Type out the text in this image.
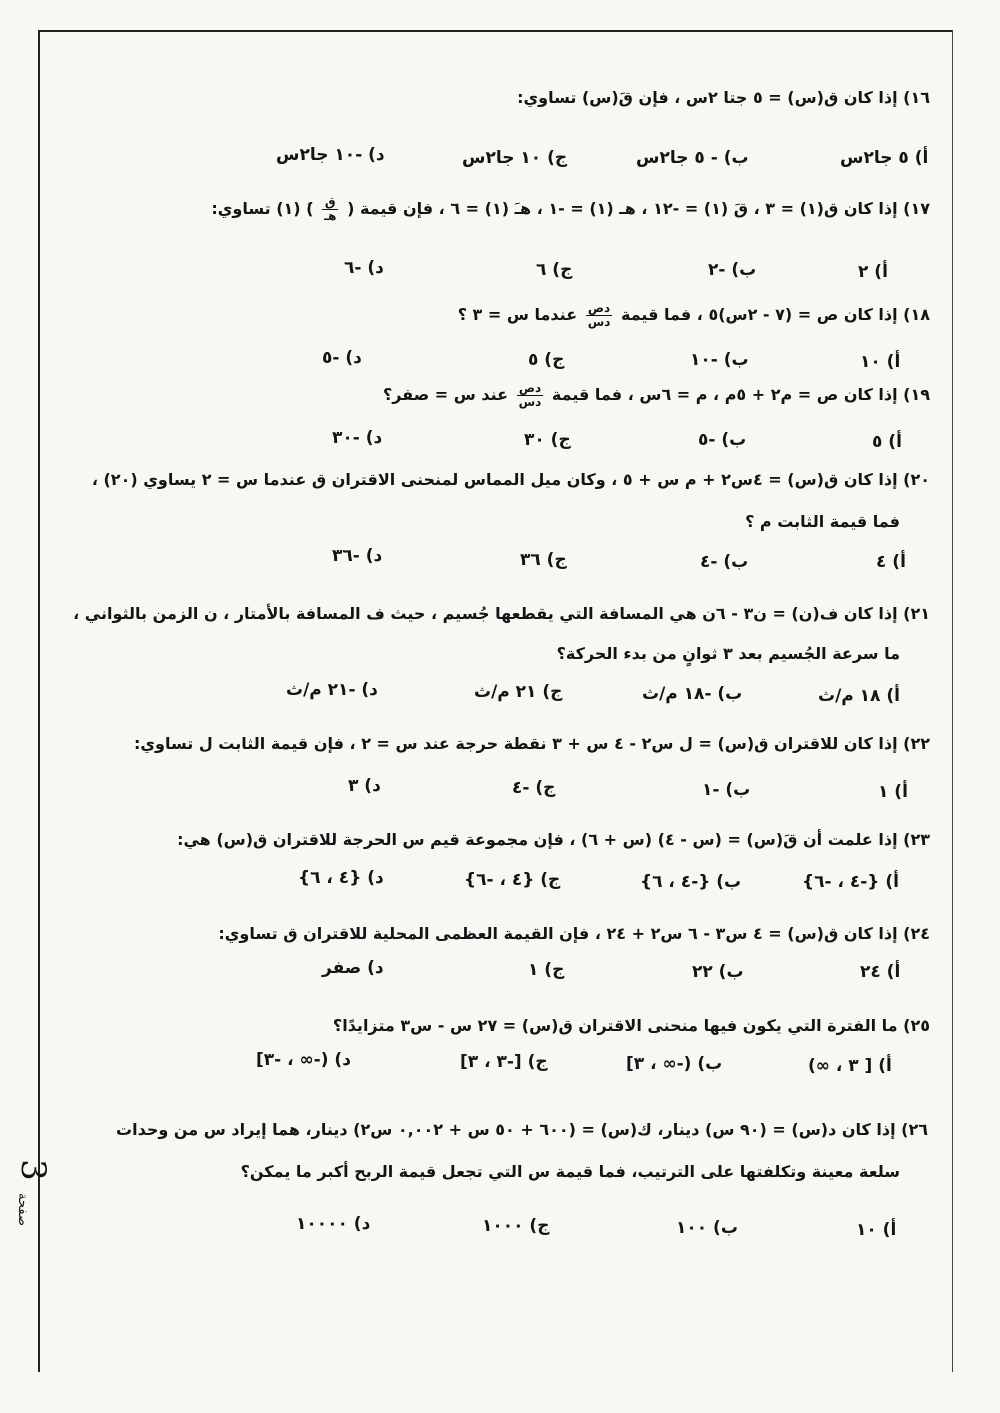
3
صفحة
١٦) إذا كان ق(س) = ٥ جتا ٢س ، فإن قَ(س) تساوي:
أ) ٥ جا٢س
ب) - ٥ جا٢س
ج) ١٠ جا٢س
د) -١٠ جا٢س
١٧) إذا كان ق(١) = ٣ ، قَ (١) = -١٢ ، هـ (١) = -١ ، هـَ (١) = ٦ ، فإن قيمة (
$\frac{\text{ق}}{\text{هـ}}$
)َ (١) تساوي:
أ) ٢
ب) -٢
ج) ٦
د) -٦
١٨) إذا كان ص = (٧ - ٢س)٥ ، فما قيمة
$\frac{\text{دص}}{\text{دس}}$
عندما س = ٣ ؟
أ) ١٠
ب) -١٠
ج) ٥
د) -٥
١٩) إذا كان ص = م٢ + ٥م ، م = ٦س ، فما قيمة
$\frac{\text{دص}}{\text{دس}}$
عند س = صفر؟
أ) ٥
ب) -٥
ج) ٣٠
د) -٣٠
٢٠) إذا كان ق(س) = ٤س٢ + م س + ٥ ، وكان ميل المماس لمنحنى الاقتران ق عندما س = ٢ يساوي (٢٠) ،
فما قيمة الثابت م ؟
أ) ٤
ب) -٤
ج) ٣٦
د) -٣٦
٢١) إذا كان ف(ن) = ن٣ - ٦ن هي المسافة التي يقطعها جُسيم ، حيث ف المسافة بالأمتار ، ن الزمن بالثواني ،
ما سرعة الجُسيم بعد ٣ ثوانٍ من بدء الحركة؟
أ) ١٨ م/ث
ب) -١٨ م/ث
ج) ٢١ م/ث
د) -٢١ م/ث
٢٢) إذا كان للاقتران ق(س) = ل س٢ - ٤ س + ٣ نقطة حرجة عند س = ٢ ، فإن قيمة الثابت ل تساوي:
أ) ١
ب) -١
ج) -٤
د) ٣
٢٣) إذا علمت أن قَ(س) = (س - ٤) (س + ٦) ، فإن مجموعة قيم س الحرجة للاقتران ق(س) هي:
أ) {-٤ ، -٦}
ب) {-٤ ، ٦}
ج) {٤ ، -٦}
د) {٤ ، ٦}
٢٤) إذا كان ق(س) = ٤ س٣ - ٦ س٢ + ٢٤ ، فإن القيمة العظمى المحلية للاقتران ق تساوي:
أ) ٢٤
ب) ٢٢
ج) ١
د) صفر
٢٥) ما الفترة التي يكون فيها منحنى الاقتران ق(س) = ٢٧ س - س٣ متزايدًا؟
أ) [ ٣ ، ∞)
ب) (-∞ ، ٣]
ج) [-٣ ، ٣]
د) (-∞ ، -٣]
٢٦) إذا كان د(س) = (٩٠ س) دينار، ك(س) = (٦٠٠ + ٥٠ س + ٠,٠٠٢ س٢) دينار، هما إيراد س من وحدات
سلعة معينة وتكلفتها على الترتيب، فما قيمة س التي تجعل قيمة الربح أكبر ما يمكن؟
أ) ١٠
ب) ١٠٠
ج) ١٠٠٠
د) ١٠٠٠٠
